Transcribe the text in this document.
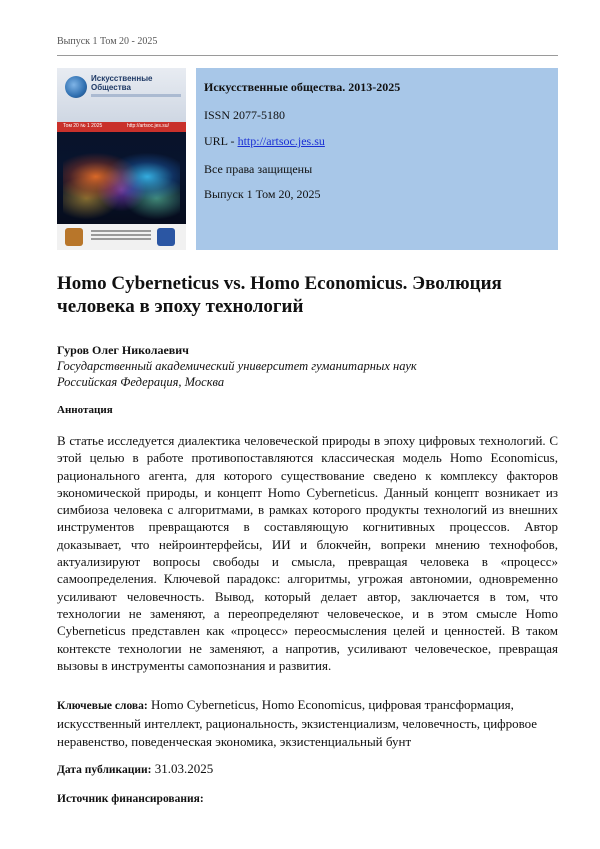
Выпуск 1 Том 20 - 2025
Искусственные Общества
Том 20 № 1 2025	http://artsoc.jes.su/
Искусственные общества. 2013-2025
ISSN 2077-5180
URL - http://artsoc.jes.su
Все права защищены
Выпуск 1 Том 20, 2025
Homo Cyberneticus vs. Homo Economicus. Эволюция человека в эпоху технологий
Гуров Олег Николаевич
Государственный академический университет гуманитарных наук
Российская Федерация, Москва
Аннотация
В статье исследуется диалектика человеческой природы в эпоху цифровых технологий. С этой целью в работе противопоставляются классическая модель Homo Economicus, рационального агента, для которого существование сведено к комплексу факторов экономической природы, и концепт Homo Cyberneticus. Данный концепт возникает из симбиоза человека с алгоритмами, в рамках которого продукты технологий из внешних инструментов превращаются в составляющую когнитивных процессов. Автор доказывает, что нейроинтерфейсы, ИИ и блокчейн, вопреки мнению технофобов, актуализируют вопросы свободы и смысла, превращая человека в «процесс» самоопределения. Ключевой парадокс: алгоритмы, угрожая автономии, одновременно усиливают человечность. Вывод, который делает автор, заключается в том, что технологии не заменяют, а переопределяют человеческое, и в этом смысле Homo Cyberneticus представлен как «процесс» переосмысления целей и ценностей. В таком контексте технологии не заменяют, а напротив, усиливают человеческое, превращая вызовы в инструменты самопознания и развития.
Ключевые слова: Homo Cyberneticus, Homo Economicus, цифровая трансформация, искусственный интеллект, рациональность, экзистенциализм, человечность, цифровое неравенство, поведенческая экономика, экзистенциальный бунт
Дата публикации: 31.03.2025
Источник финансирования:
